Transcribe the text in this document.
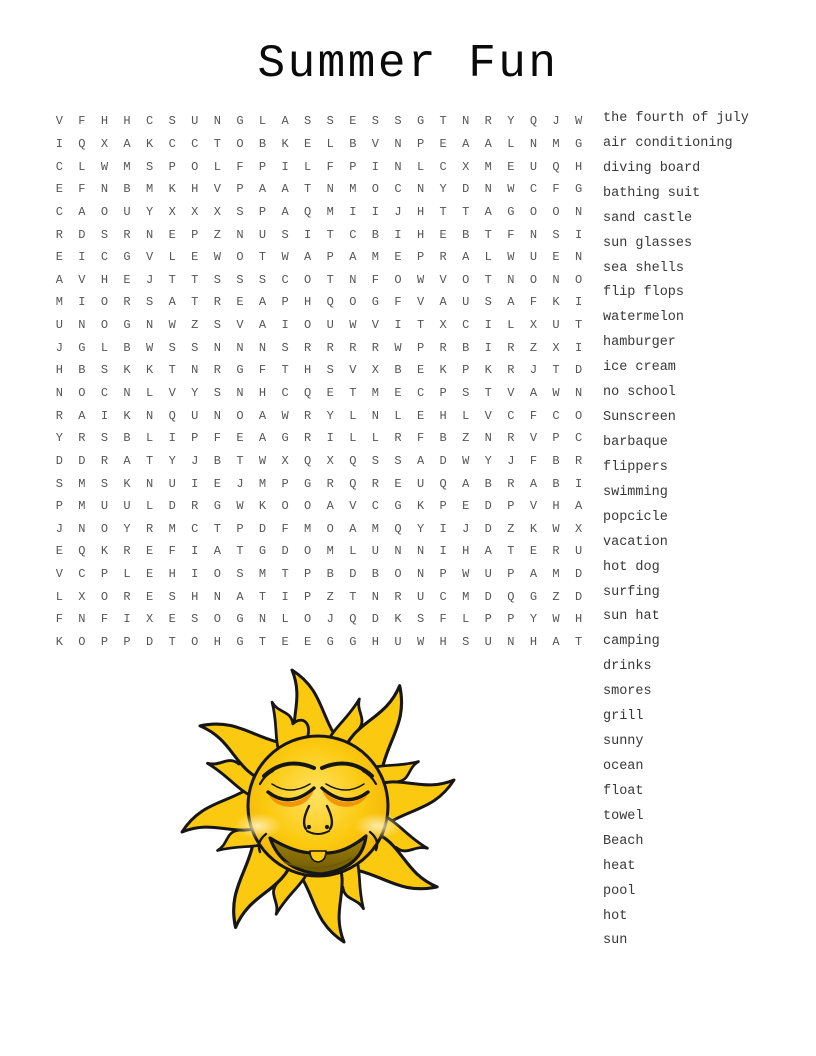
Summer Fun
V	F	H	H	C	S	U	N	G	L	A	S	S	E	S	S	G	T	N	R	Y	Q	J	W
I	Q	X	A	K	C	C	T	O	B	K	E	L	B	V	N	P	E	A	A	L	N	M	G
C	L	W	M	S	P	O	L	F	P	I	L	F	P	I	N	L	C	X	M	E	U	Q	H
E	F	N	B	M	K	H	V	P	A	A	T	N	M	O	C	N	Y	D	N	W	C	F	G
C	A	O	U	Y	X	X	X	S	P	A	Q	M	I	I	J	H	T	T	A	G	O	O	N
R	D	S	R	N	E	P	Z	N	U	S	I	T	C	B	I	H	E	B	T	F	N	S	I
E	I	C	G	V	L	E	W	O	T	W	A	P	A	M	E	P	R	A	L	W	U	E	N
A	V	H	E	J	T	T	S	S	S	C	O	T	N	F	O	W	V	O	T	N	O	N	O
M	I	O	R	S	A	T	R	E	A	P	H	Q	O	G	F	V	A	U	S	A	F	K	I
U	N	O	G	N	W	Z	S	V	A	I	O	U	W	V	I	T	X	C	I	L	X	U	T
J	G	L	B	W	S	S	N	N	N	S	R	R	R	R	W	P	R	B	I	R	Z	X	I
H	B	S	K	K	T	N	R	G	F	T	H	S	V	X	B	E	K	P	K	R	J	T	D
N	O	C	N	L	V	Y	S	N	H	C	Q	E	T	M	E	C	P	S	T	V	A	W	N
R	A	I	K	N	Q	U	N	O	A	W	R	Y	L	N	L	E	H	L	V	C	F	C	O
Y	R	S	B	L	I	P	F	E	A	G	R	I	L	L	R	F	B	Z	N	R	V	P	C
D	D	R	A	T	Y	J	B	T	W	X	Q	X	Q	S	S	A	D	W	Y	J	F	B	R
S	M	S	K	N	U	I	E	J	M	P	G	R	Q	R	E	U	Q	A	B	R	A	B	I
P	M	U	U	L	D	R	G	W	K	O	O	A	V	C	G	K	P	E	D	P	V	H	A
J	N	O	Y	R	M	C	T	P	D	F	M	O	A	M	Q	Y	I	J	D	Z	K	W	X
E	Q	K	R	E	F	I	A	T	G	D	O	M	L	U	N	N	I	H	A	T	E	R	U
V	C	P	L	E	H	I	O	S	M	T	P	B	D	B	O	N	P	W	U	P	A	M	D
L	X	O	R	E	S	H	N	A	T	I	P	Z	T	N	R	U	C	M	D	Q	G	Z	D
F	N	F	I	X	E	S	O	G	N	L	O	J	Q	D	K	S	F	L	P	P	Y	W	H
K	O	P	P	D	T	O	H	G	T	E	E	G	G	H	U	W	H	S	U	N	H	A	T
the fourth of july
air conditioning
diving board
bathing suit
sand castle
sun glasses
sea shells
flip flops
watermelon
hamburger
ice cream
no school
Sunscreen
barbaque
flippers
swimming
popcicle
vacation
hot dog
surfing
sun hat
camping
drinks
smores
grill
sunny
ocean
float
towel
Beach
heat
pool
hot
sun
